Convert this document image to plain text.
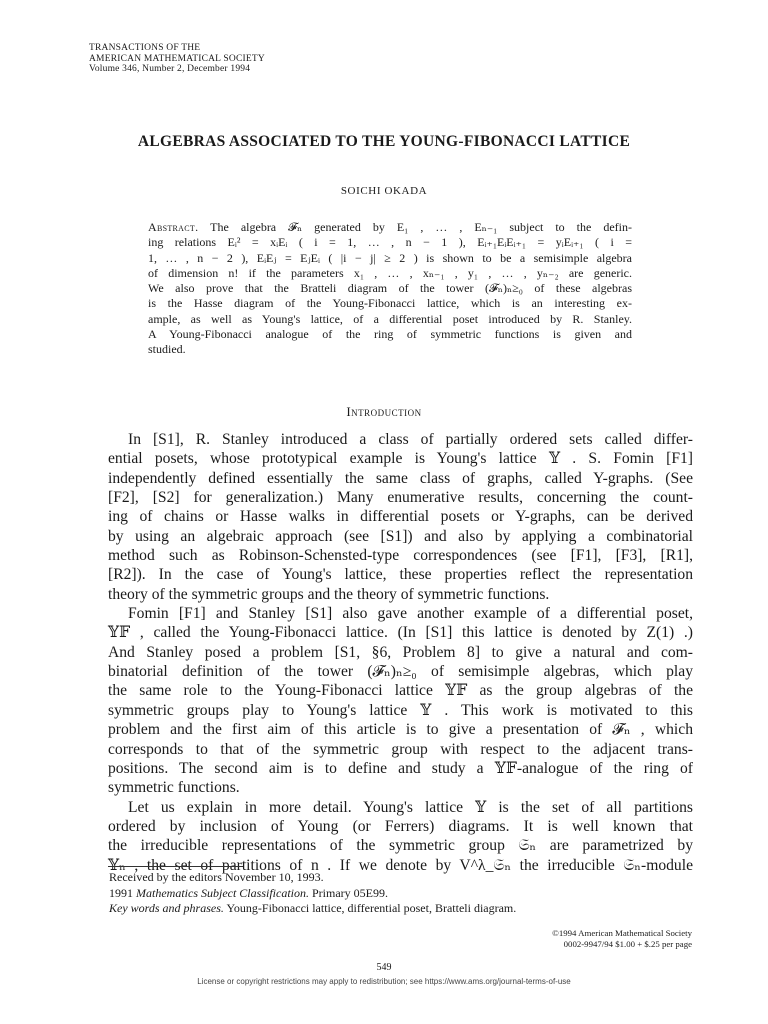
TRANSACTIONS OF THE
AMERICAN MATHEMATICAL SOCIETY
Volume 346, Number 2, December 1994
ALGEBRAS ASSOCIATED TO THE YOUNG-FIBONACCI LATTICE
SOICHI OKADA
Abstract. The algebra 𝓕ₙ generated by E₁ , … , Eₙ₋₁ subject to the defin-
ing relations Eᵢ² = xᵢEᵢ ( i = 1, … , n − 1 ), Eᵢ₊₁EᵢEᵢ₊₁ = yᵢEᵢ₊₁ ( i =
1, … , n − 2 ), EᵢEⱼ = EⱼEᵢ ( |i − j| ≥ 2 ) is shown to be a semisimple algebra
of dimension n! if the parameters x₁ , … , xₙ₋₁ , y₁ , … , yₙ₋₂ are generic.
We also prove that the Bratteli diagram of the tower (𝓕ₙ)ₙ≥₀ of these algebras
is the Hasse diagram of the Young-Fibonacci lattice, which is an interesting ex-
ample, as well as Young's lattice, of a differential poset introduced by R. Stanley.
A Young-Fibonacci analogue of the ring of symmetric functions is given and
studied.
Introduction
In [S1], R. Stanley introduced a class of partially ordered sets called differ-
ential posets, whose prototypical example is Young's lattice 𝕐 . S. Fomin [F1]
independently defined essentially the same class of graphs, called Y-graphs. (See
[F2], [S2] for generalization.) Many enumerative results, concerning the count-
ing of chains or Hasse walks in differential posets or Y-graphs, can be derived
by using an algebraic approach (see [S1]) and also by applying a combinatorial
method such as Robinson-Schensted-type correspondences (see [F1], [F3], [R1],
[R2]). In the case of Young's lattice, these properties reflect the representation
theory of the symmetric groups and the theory of symmetric functions.
Fomin [F1] and Stanley [S1] also gave another example of a differential poset,
𝕐𝔽 , called the Young-Fibonacci lattice. (In [S1] this lattice is denoted by Z(1) .)
And Stanley posed a problem [S1, §6, Problem 8] to give a natural and com-
binatorial definition of the tower (𝓕ₙ)ₙ≥₀ of semisimple algebras, which play
the same role to the Young-Fibonacci lattice 𝕐𝔽 as the group algebras of the
symmetric groups play to Young's lattice 𝕐 . This work is motivated to this
problem and the first aim of this article is to give a presentation of 𝓕ₙ , which
corresponds to that of the symmetric group with respect to the adjacent trans-
positions. The second aim is to define and study a 𝕐𝔽-analogue of the ring of
symmetric functions.
Let us explain in more detail. Young's lattice 𝕐 is the set of all partitions
ordered by inclusion of Young (or Ferrers) diagrams. It is well known that
the irreducible representations of the symmetric group 𝔖ₙ are parametrized by
𝕐ₙ , the set of partitions of n . If we denote by V^λ_𝔖ₙ the irreducible 𝔖ₙ-module
Received by the editors November 10, 1993.
1991 Mathematics Subject Classification. Primary 05E99.
Key words and phrases. Young-Fibonacci lattice, differential poset, Bratteli diagram.
©1994 American Mathematical Society
0002-9947/94 $1.00 + $.25 per page
549
License or copyright restrictions may apply to redistribution; see https://www.ams.org/journal-terms-of-use
